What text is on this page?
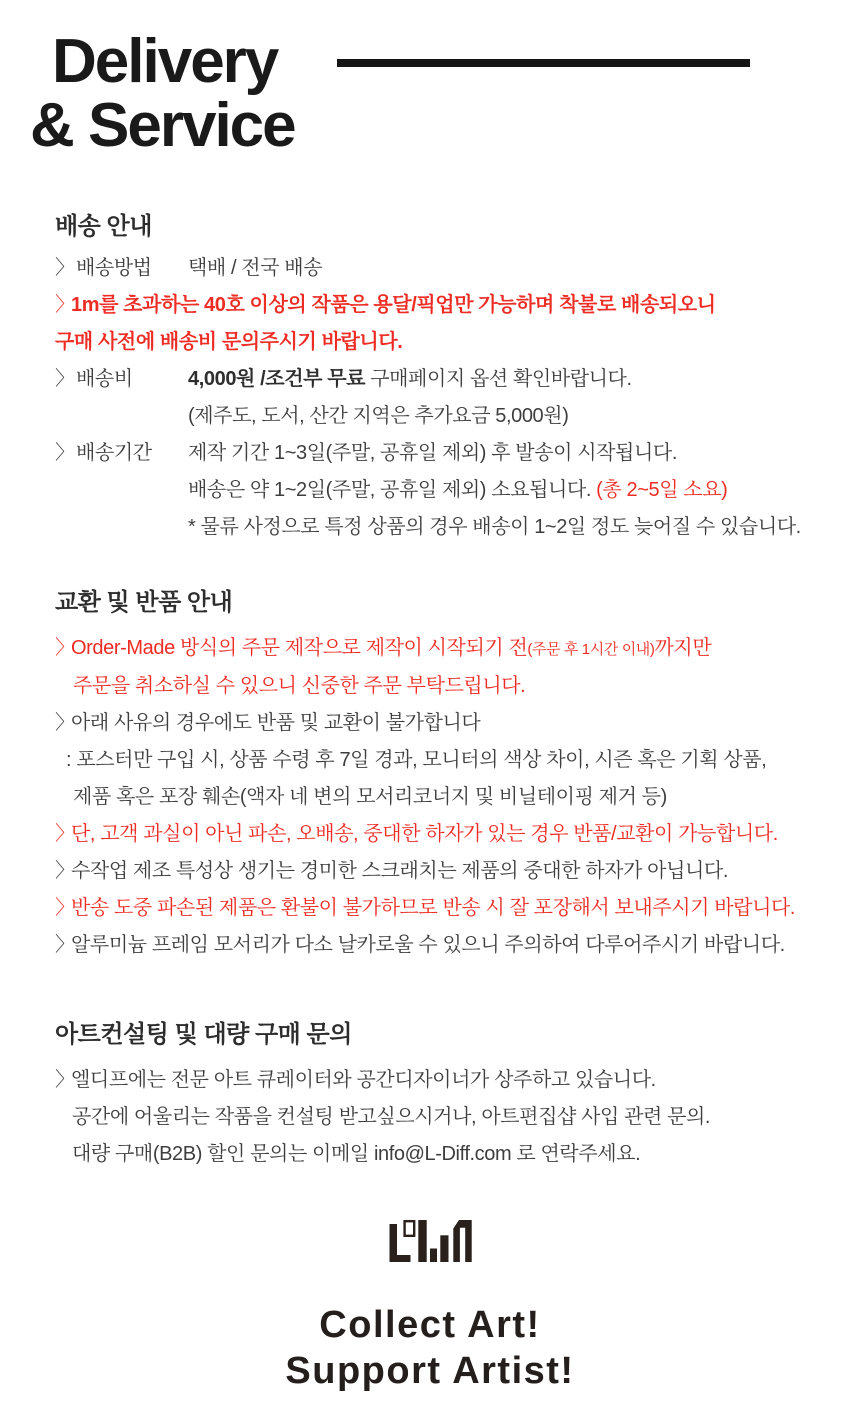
Delivery
& Service
배송 안내
〉 배송방법	택배 / 전국 배송
〉
1m를 초과하는 40호 이상의 작품은 용달/픽업만 가능하며 착불로 배송되오니
구매 사전에 배송비 문의주시기 바랍니다.
〉 배송비	4,000원 /조건부 무료 구매페이지 옵션 확인바랍니다.
(제주도, 도서, 산간 지역은 추가요금 5,000원)
〉 배송기간	제작 기간 1~3일(주말, 공휴일 제외) 후 발송이 시작됩니다.
배송은 약 1~2일(주말, 공휴일 제외) 소요됩니다. (총 2~5일 소요)
* 물류 사정으로 특정 상품의 경우 배송이 1~2일 정도 늦어질 수 있습니다.
교환 및 반품 안내
〉
Order-Made 방식의 주문 제작으로 제작이 시작되기 전(주문 후 1시간 이내)까지만
주문을 취소하실 수 있으니 신중한 주문 부탁드립니다.
〉
아래 사유의 경우에도 반품 및 교환이 불가합니다
: 포스터만 구입 시, 상품 수령 후 7일 경과, 모니터의 색상 차이, 시즌 혹은 기획 상품,
제품 혹은 포장 훼손(액자 네 변의 모서리코너지 및 비닐테이핑 제거 등)
〉
단, 고객 과실이 아닌 파손, 오배송, 중대한 하자가 있는 경우 반품/교환이 가능합니다.
〉
수작업 제조 특성상 생기는 경미한 스크래치는 제품의 중대한 하자가 아닙니다.
〉
반송 도중 파손된 제품은 환불이 불가하므로 반송 시 잘 포장해서 보내주시기 바랍니다.
〉
알루미늄 프레임 모서리가 다소 날카로울 수 있으니 주의하여 다루어주시기 바랍니다.
아트컨설팅 및 대량 구매 문의
〉
엘디프에는 전문 아트 큐레이터와 공간디자이너가 상주하고 있습니다.
공간에 어울리는 작품을 컨설팅 받고싶으시거나, 아트편집샵 사입 관련 문의.
대량 구매(B2B) 할인 문의는 이메일 info@L-Diff.com 로 연락주세요.
Collect Art!
Support Artist!
